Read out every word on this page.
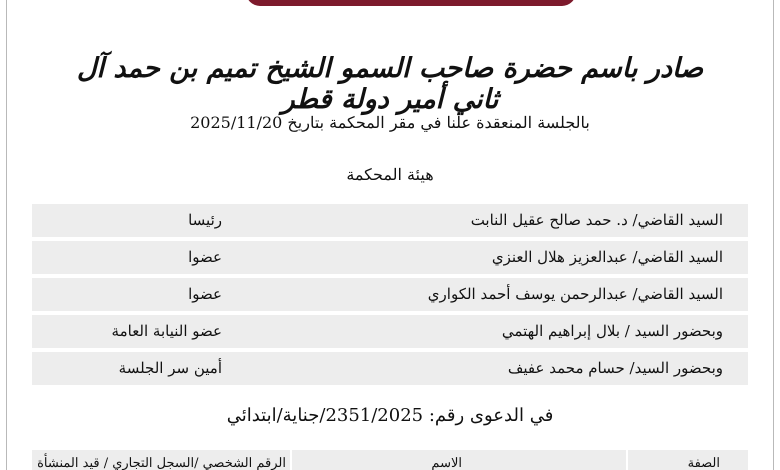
صادر باسم حضرة صاحب السمو الشيخ تميم بن حمد آل ثاني أمير دولة قطر
بالجلسة المنعقدة علنا في مقر المحكمة بتاريخ 2025/11/20
هيئة المحكمة
السيد القاضي/ د. حمد صالح عقيل النابت
رئيسا
السيد القاضي/ عبدالعزيز هلال العنزي
عضوا
السيد القاضي/ عبدالرحمن يوسف أحمد الكواري
عضوا
وبحضور السيد / بلال إبراهيم الهتمي
عضو النيابة العامة
وبحضور السيد/ حسام محمد عفيف
أمين سر الجلسة
في الدعوى رقم: 2351/2025/جناية/ابتدائي
الصفة
الاسم
الرقم الشخصي /السجل التجاري / قيد المنشأة
